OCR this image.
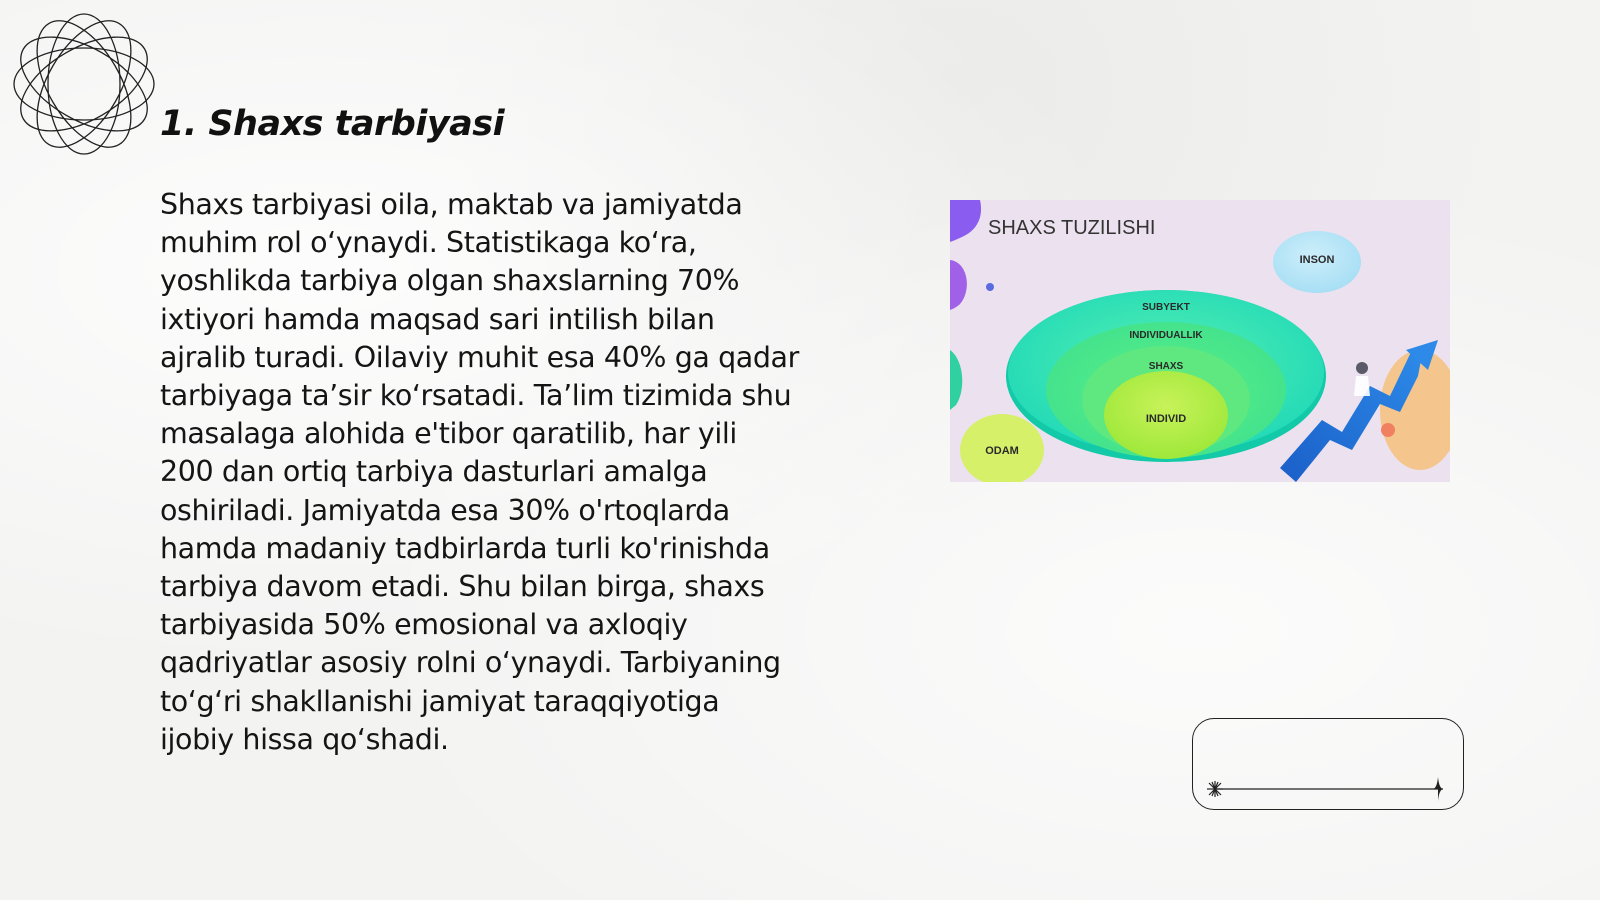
1. Shaxs tarbiyasi

Shaxs tarbiyasi oila, maktab va jamiyatda
muhim rol o‘ynaydi. Statistikaga ko‘ra,
yoshlikda tarbiya olgan shaxslarning 70%
ixtiyori hamda maqsad sari intilish bilan
ajralib turadi. Oilaviy muhit esa 40% ga qadar
tarbiyaga ta’sir ko‘rsatadi. Ta’lim tizimida shu
masalaga alohida e'tibor qaratilib, har yili
200 dan ortiq tarbiya dasturlari amalga
oshiriladi. Jamiyatda esa 30% o'rtoqlarda
hamda madaniy tadbirlarda turli ko'rinishda
tarbiya davom etadi. Shu bilan birga, shaxs
tarbiyasida 50% emosional va axloqiy
qadriyatlar asosiy rolni o‘ynaydi. Tarbiyaning
to‘g‘ri shakllanishi jamiyat taraqqiyotiga
ijobiy hissa qo‘shadi.

SHAXS TUZILISHI
INSON
SUBYEKT
INDIVIDUALLIK
SHAXS
INDIVID
ODAM
